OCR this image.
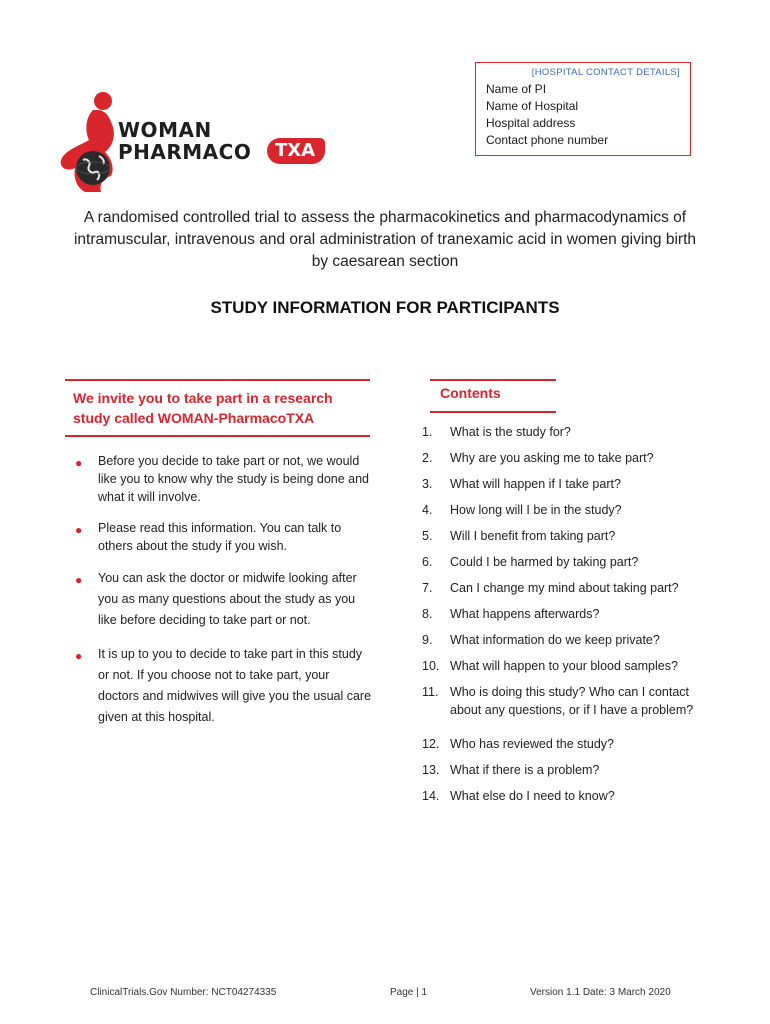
WOMAN
PHARMACO	TXA
[HOSPITAL CONTACT DETAILS]
Name of PI
Name of Hospital
Hospital address
Contact phone number
A randomised controlled trial to assess the pharmacokinetics and pharmacodynamics of intramuscular, intravenous and oral administration of tranexamic acid in women giving birth by caesarean section
STUDY INFORMATION FOR PARTICIPANTS
We invite you to take part in a research study called WOMAN-PharmacoTXA
● Before you decide to take part or not, we would like you to know why the study is being done and what it will involve.
● Please read this information. You can talk to others about the study if you wish.
● You can ask the doctor or midwife looking after you as many questions about the study as you like before deciding to take part or not.
● It is up to you to decide to take part in this study or not. If you choose not to take part, your doctors and midwives will give you the usual care given at this hospital.
Contents
1. What is the study for?
2. Why are you asking me to take part?
3. What will happen if I take part?
4. How long will I be in the study?
5. Will I benefit from taking part?
6. Could I be harmed by taking part?
7. Can I change my mind about taking part?
8. What happens afterwards?
9. What information do we keep private?
10. What will happen to your blood samples?
11. Who is doing this study? Who can I contact about any questions, or if I have a problem?
12. Who has reviewed the study?
13. What if there is a problem?
14. What else do I need to know?
ClinicalTrials.Gov Number: NCT04274335	Page | 1	Version 1.1 Date: 3 March 2020
